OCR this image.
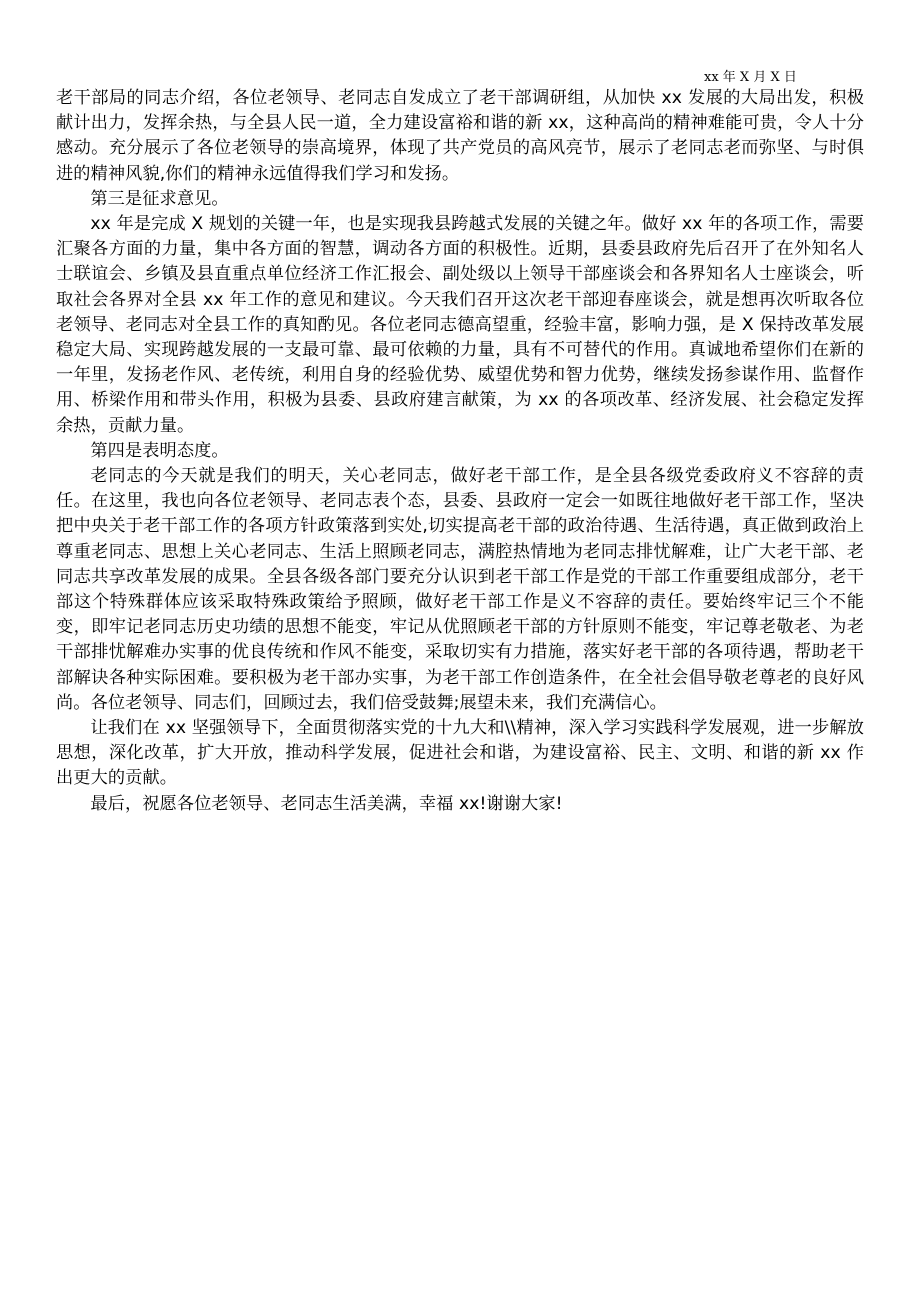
xx 年 X 月 X 日

老干部局的同志介绍，各位老领导、老同志自发成立了老干部调研组，从加快 xx 发展的大局出发，积极献计出力，发挥余热，与全县人民一道，全力建设富裕和谐的新 xx，这种高尚的精神难能可贵，令人十分感动。充分展示了各位老领导的崇高境界，体现了共产党员的高风亮节，展示了老同志老而弥坚、与时俱进的精神风貌,你们的精神永远值得我们学习和发扬。

第三是征求意见。

xx 年是完成 X 规划的关键一年，也是实现我县跨越式发展的关键之年。做好 xx 年的各项工作，需要汇聚各方面的力量，集中各方面的智慧，调动各方面的积极性。近期，县委县政府先后召开了在外知名人士联谊会、乡镇及县直重点单位经济工作汇报会、副处级以上领导干部座谈会和各界知名人士座谈会，听取社会各界对全县 xx 年工作的意见和建议。今天我们召开这次老干部迎春座谈会，就是想再次听取各位老领导、老同志对全县工作的真知酌见。各位老同志德高望重，经验丰富，影响力强，是 X 保持改革发展稳定大局、实现跨越发展的一支最可靠、最可依赖的力量，具有不可替代的作用。真诚地希望你们在新的一年里，发扬老作风、老传统，利用自身的经验优势、威望优势和智力优势，继续发扬参谋作用、监督作用、桥梁作用和带头作用，积极为县委、县政府建言献策，为 xx 的各项改革、经济发展、社会稳定发挥余热，贡献力量。

第四是表明态度。

老同志的今天就是我们的明天，关心老同志，做好老干部工作，是全县各级党委政府义不容辞的责任。在这里，我也向各位老领导、老同志表个态，县委、县政府一定会一如既往地做好老干部工作，坚决把中央关于老干部工作的各项方针政策落到实处,切实提高老干部的政治待遇、生活待遇，真正做到政治上尊重老同志、思想上关心老同志、生活上照顾老同志，满腔热情地为老同志排忧解难，让广大老干部、老同志共享改革发展的成果。全县各级各部门要充分认识到老干部工作是党的干部工作重要组成部分，老干部这个特殊群体应该采取特殊政策给予照顾，做好老干部工作是义不容辞的责任。要始终牢记三个不能变，即牢记老同志历史功绩的思想不能变，牢记从优照顾老干部的方针原则不能变，牢记尊老敬老、为老干部排忧解难办实事的优良传统和作风不能变，采取切实有力措施，落实好老干部的各项待遇，帮助老干部解诀各种实际困难。要积极为老干部办实事，为老干部工作创造条件，在全社会倡导敬老尊老的良好风尚。各位老领导、同志们，回顾过去，我们倍受鼓舞;展望未来，我们充满信心。

让我们在 xx 坚强领导下，全面贯彻落实党的十九大和\\精神，深入学习实践科学发展观，进一步解放思想，深化改革，扩大开放，推动科学发展，促进社会和谐，为建设富裕、民主、文明、和谐的新 xx 作出更大的贡献。

最后，祝愿各位老领导、老同志生活美满，幸福 xx!谢谢大家!
